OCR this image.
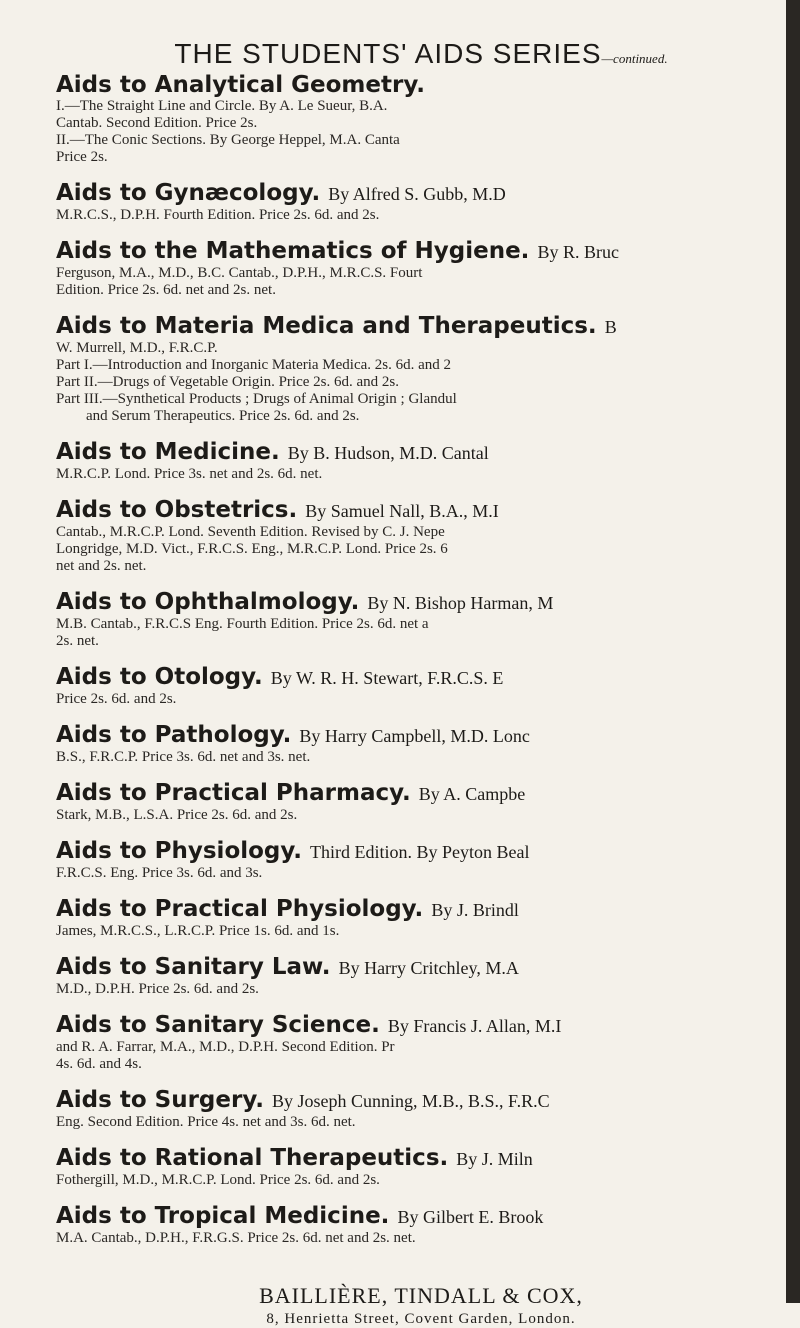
THE STUDENTS' AIDS SERIES—continued.
Aids to Analytical Geometry.
I.—The Straight Line and Circle. By A. Le Sueur, B.A.
Cantab. Second Edition. Price 2s.
II.—The Conic Sections. By George Heppel, M.A. Canta
Price 2s.
Aids to Gynæcology. By Alfred S. Gubb, M.D
M.R.C.S., D.P.H. Fourth Edition. Price 2s. 6d. and 2s.
Aids to the Mathematics of Hygiene. By R. Bruc
Ferguson, M.A., M.D., B.C. Cantab., D.P.H., M.R.C.S. Fourt
Edition. Price 2s. 6d. net and 2s. net.
Aids to Materia Medica and Therapeutics. B
W. Murrell, M.D., F.R.C.P.
Part I.—Introduction and Inorganic Materia Medica. 2s. 6d. and 2
Part II.—Drugs of Vegetable Origin. Price 2s. 6d. and 2s.
Part III.—Synthetical Products ; Drugs of Animal Origin ; Glandul
and Serum Therapeutics. Price 2s. 6d. and 2s.
Aids to Medicine. By B. Hudson, M.D. Cantal
M.R.C.P. Lond. Price 3s. net and 2s. 6d. net.
Aids to Obstetrics. By Samuel Nall, B.A., M.I
Cantab., M.R.C.P. Lond. Seventh Edition. Revised by C. J. Nepe
Longridge, M.D. Vict., F.R.C.S. Eng., M.R.C.P. Lond. Price 2s. 6
net and 2s. net.
Aids to Ophthalmology. By N. Bishop Harman, M
M.B. Cantab., F.R.C.S Eng. Fourth Edition. Price 2s. 6d. net a
2s. net.
Aids to Otology. By W. R. H. Stewart, F.R.C.S. E
Price 2s. 6d. and 2s.
Aids to Pathology. By Harry Campbell, M.D. Lonc
B.S., F.R.C.P. Price 3s. 6d. net and 3s. net.
Aids to Practical Pharmacy. By A. Campbe
Stark, M.B., L.S.A. Price 2s. 6d. and 2s.
Aids to Physiology. Third Edition. By Peyton Beal
F.R.C.S. Eng. Price 3s. 6d. and 3s.
Aids to Practical Physiology. By J. Brindl
James, M.R.C.S., L.R.C.P. Price 1s. 6d. and 1s.
Aids to Sanitary Law. By Harry Critchley, M.A
M.D., D.P.H. Price 2s. 6d. and 2s.
Aids to Sanitary Science. By Francis J. Allan, M.I
and R. A. Farrar, M.A., M.D., D.P.H. Second Edition. Pr
4s. 6d. and 4s.
Aids to Surgery. By Joseph Cunning, M.B., B.S., F.R.C
Eng. Second Edition. Price 4s. net and 3s. 6d. net.
Aids to Rational Therapeutics. By J. Miln
Fothergill, M.D., M.R.C.P. Lond. Price 2s. 6d. and 2s.
Aids to Tropical Medicine. By Gilbert E. Brook
M.A. Cantab., D.P.H., F.R.G.S. Price 2s. 6d. net and 2s. net.
BAILLIÈRE, TINDALL & COX,
8, Henrietta Street, Covent Garden, London.
